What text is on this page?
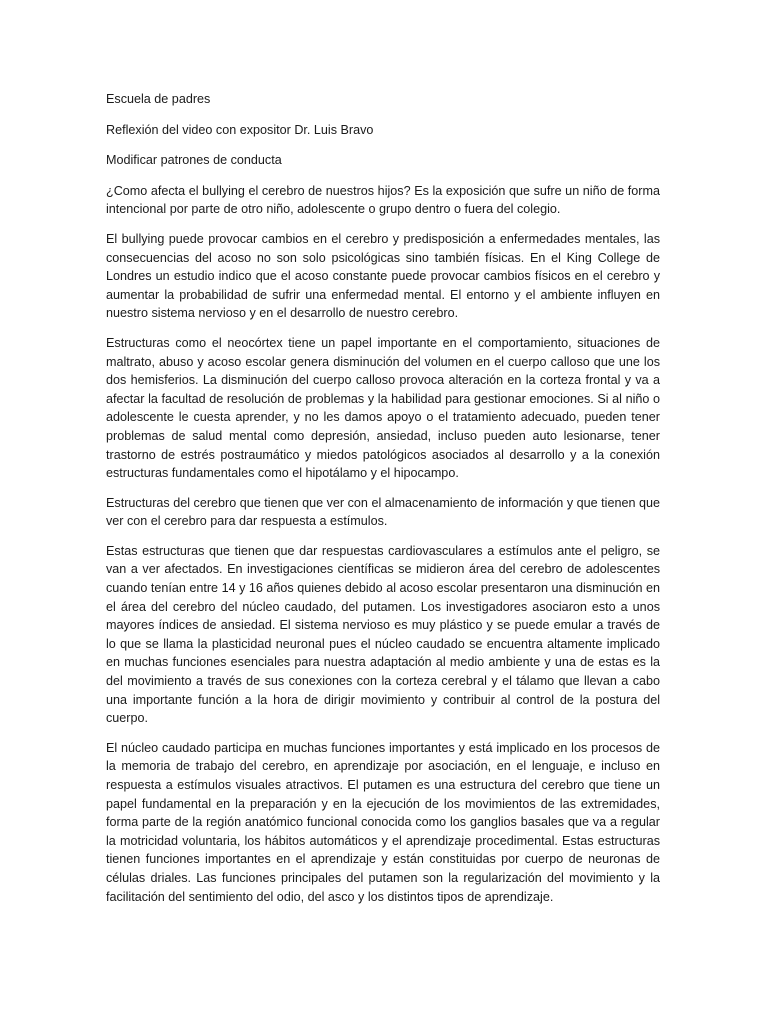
Escuela de padres

Reflexión del video con expositor Dr. Luis Bravo

Modificar patrones de conducta

¿Como afecta el bullying el cerebro de nuestros hijos? Es la exposición que sufre un niño de forma intencional por parte de otro niño, adolescente o grupo dentro o fuera del colegio.

El bullying puede provocar cambios en el cerebro y predisposición a enfermedades mentales, las consecuencias del acoso no son solo psicológicas sino también físicas. En el King College de Londres un estudio indico que el acoso constante puede provocar cambios físicos en el cerebro y aumentar la probabilidad de sufrir una enfermedad mental. El entorno y el ambiente influyen en nuestro sistema nervioso y en el desarrollo de nuestro cerebro.

Estructuras como el neocórtex tiene un papel importante en el comportamiento, situaciones de maltrato, abuso y acoso escolar genera disminución del volumen en el cuerpo calloso que une los dos hemisferios. La disminución del cuerpo calloso provoca alteración en la corteza frontal y va a afectar la facultad de resolución de problemas y la habilidad para gestionar emociones. Si al niño o adolescente le cuesta aprender, y no les damos apoyo o el tratamiento adecuado, pueden tener problemas de salud mental como depresión, ansiedad, incluso pueden auto lesionarse, tener trastorno de estrés postraumático y miedos patológicos asociados al desarrollo y a la conexión estructuras fundamentales como el hipotálamo y el hipocampo.

Estructuras del cerebro que tienen que ver con el almacenamiento de información y que tienen que ver con el cerebro para dar respuesta a estímulos.

Estas estructuras que tienen que dar respuestas cardiovasculares a estímulos ante el peligro, se van a ver afectados. En investigaciones científicas se midieron área del cerebro de adolescentes cuando tenían entre 14 y 16 años quienes debido al acoso escolar presentaron una disminución en el área del cerebro del núcleo caudado, del putamen. Los investigadores asociaron esto a unos mayores índices de ansiedad. El sistema nervioso es muy plástico y se puede emular a través de lo que se llama la plasticidad neuronal pues el núcleo caudado se encuentra altamente implicado en muchas funciones esenciales para nuestra adaptación al medio ambiente y una de estas es la del movimiento a través de sus conexiones con la corteza cerebral y el tálamo que llevan a cabo una importante función a la hora de dirigir movimiento y contribuir al control de la postura del cuerpo.

El núcleo caudado participa en muchas funciones importantes y está implicado en los procesos de la memoria de trabajo del cerebro, en aprendizaje por asociación, en el lenguaje, e incluso en respuesta a estímulos visuales atractivos. El putamen es una estructura del cerebro que tiene un papel fundamental en la preparación y en la ejecución de los movimientos de las extremidades, forma parte de la región anatómico funcional conocida como los ganglios basales que va a regular la motricidad voluntaria, los hábitos automáticos y el aprendizaje procedimental. Estas estructuras tienen funciones importantes en el aprendizaje y están constituidas por cuerpo de neuronas de células driales. Las funciones principales del putamen son la regularización del movimiento y la facilitación del sentimiento del odio, del asco y los distintos tipos de aprendizaje.
